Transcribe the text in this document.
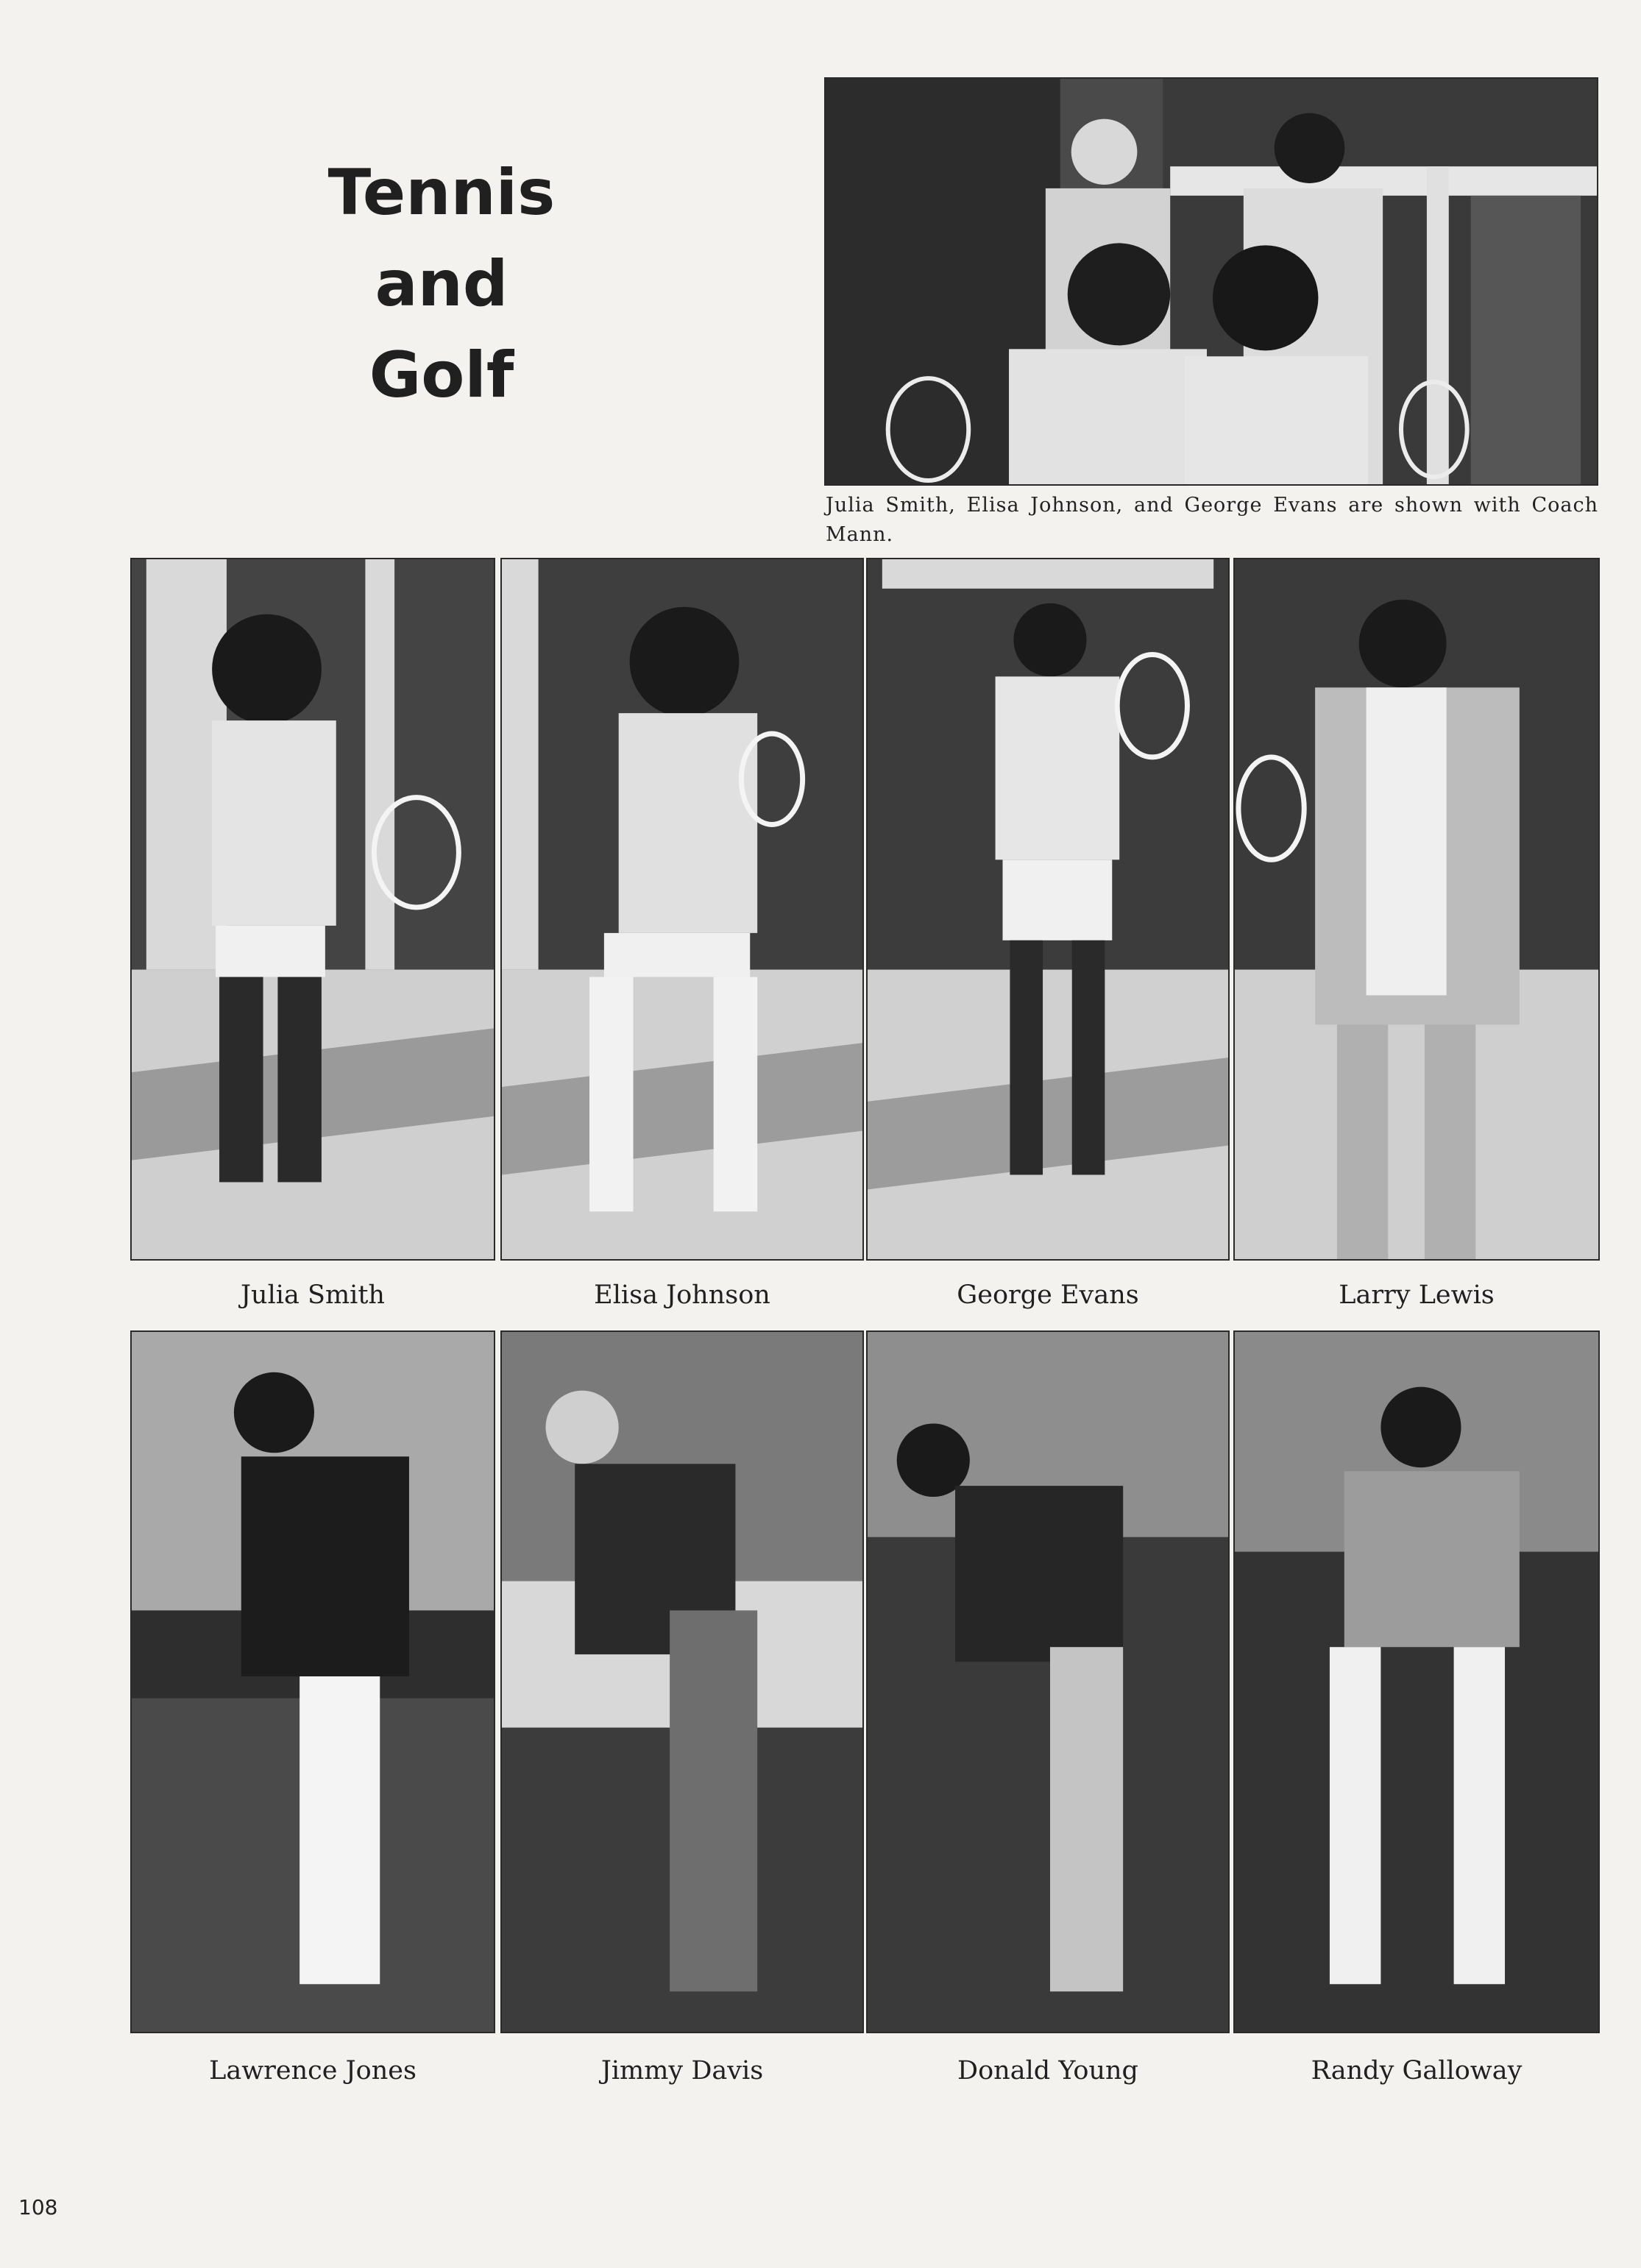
Tennis
and
Golf
Julia Smith, Elisa Johnson, and George Evans are shown with Coach Mann.
Julia Smith	Elisa Johnson	George Evans	Larry Lewis
Lawrence Jones	Jimmy Davis	Donald Young	Randy Galloway
108
